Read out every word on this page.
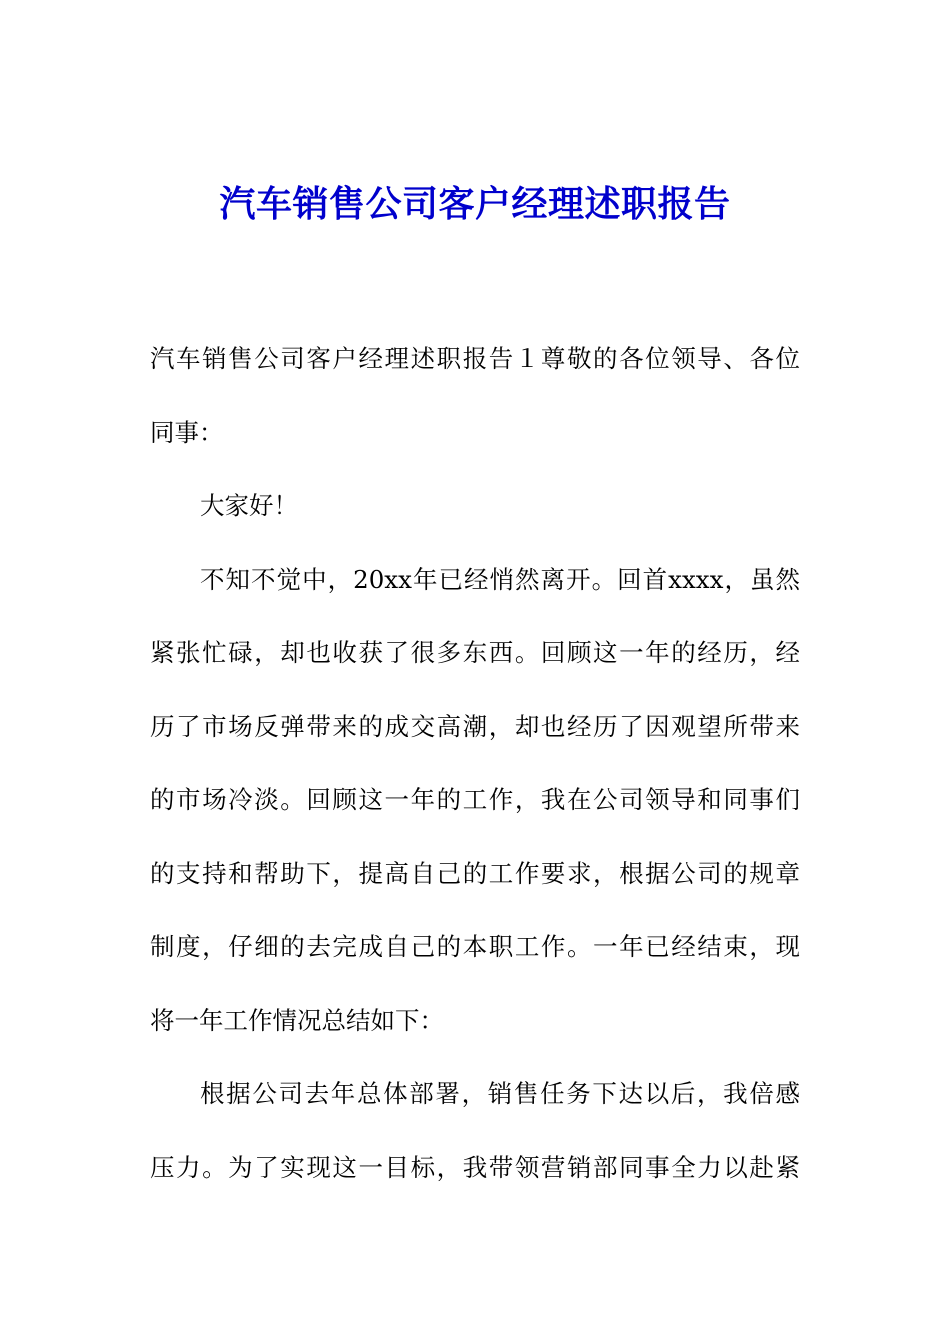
汽车销售公司客户经理述职报告
汽车销售公司客户经理述职报告１尊敬的各位领导、各位
同事：
大家好！
不知不觉中，20xx年已经悄然离开。回首xxxx，虽然
紧张忙碌，却也收获了很多东西。回顾这一年的经历，经
历了市场反弹带来的成交高潮，却也经历了因观望所带来
的市场冷淡。回顾这一年的工作，我在公司领导和同事们
的支持和帮助下，提高自己的工作要求，根据公司的规章
制度，仔细的去完成自己的本职工作。一年已经结束，现
将一年工作情况总结如下：
根据公司去年总体部署，销售任务下达以后，我倍感
压力。为了实现这一目标，我带领营销部同事全力以赴紧
